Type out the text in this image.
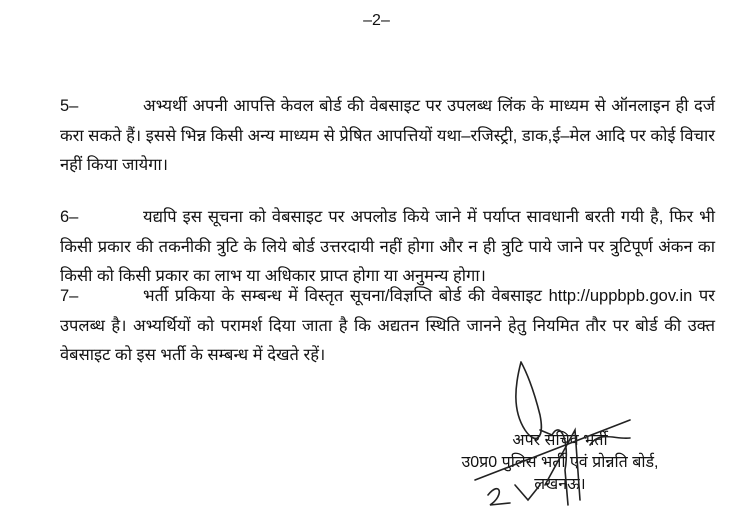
–2–
5–	अभ्यर्थी अपनी आपत्ति केवल बोर्ड की वेबसाइट पर उपलब्ध लिंक के माध्यम से ऑनलाइन ही दर्ज करा सकते हैं। इससे भिन्न किसी अन्य माध्यम से प्रेषित आपत्तियों यथा–रजिस्ट्री, डाक,ई–मेल आदि पर कोई विचार नहीं किया जायेगा।
6–	यद्यपि इस सूचना को वेबसाइट पर अपलोड किये जाने में पर्याप्त सावधानी बरती गयी है, फिर भी किसी प्रकार की तकनीकी त्रुटि के लिये बोर्ड उत्तरदायी नहीं होगा और न ही त्रुटि पाये जाने पर त्रुटिपूर्ण अंकन का किसी को किसी प्रकार का लाभ या अधिकार प्राप्त होगा या अनुमन्य होगा।
7–	भर्ती प्रकिया के सम्बन्ध में विस्तृत सूचना/विज्ञप्ति बोर्ड की वेबसाइट http://uppbpb.gov.in पर उपलब्ध है। अभ्यर्थियों को परामर्श दिया जाता है कि अद्यतन स्थिति जानने हेतु नियमित तौर पर बोर्ड की उक्त वेबसाइट को इस भर्ती के सम्बन्ध में देखते रहें।
अपर सचिव भर्ती
उ0प्र0 पुलिस भर्ती एवं प्रोन्नति बोर्ड,
लखनऊ।
